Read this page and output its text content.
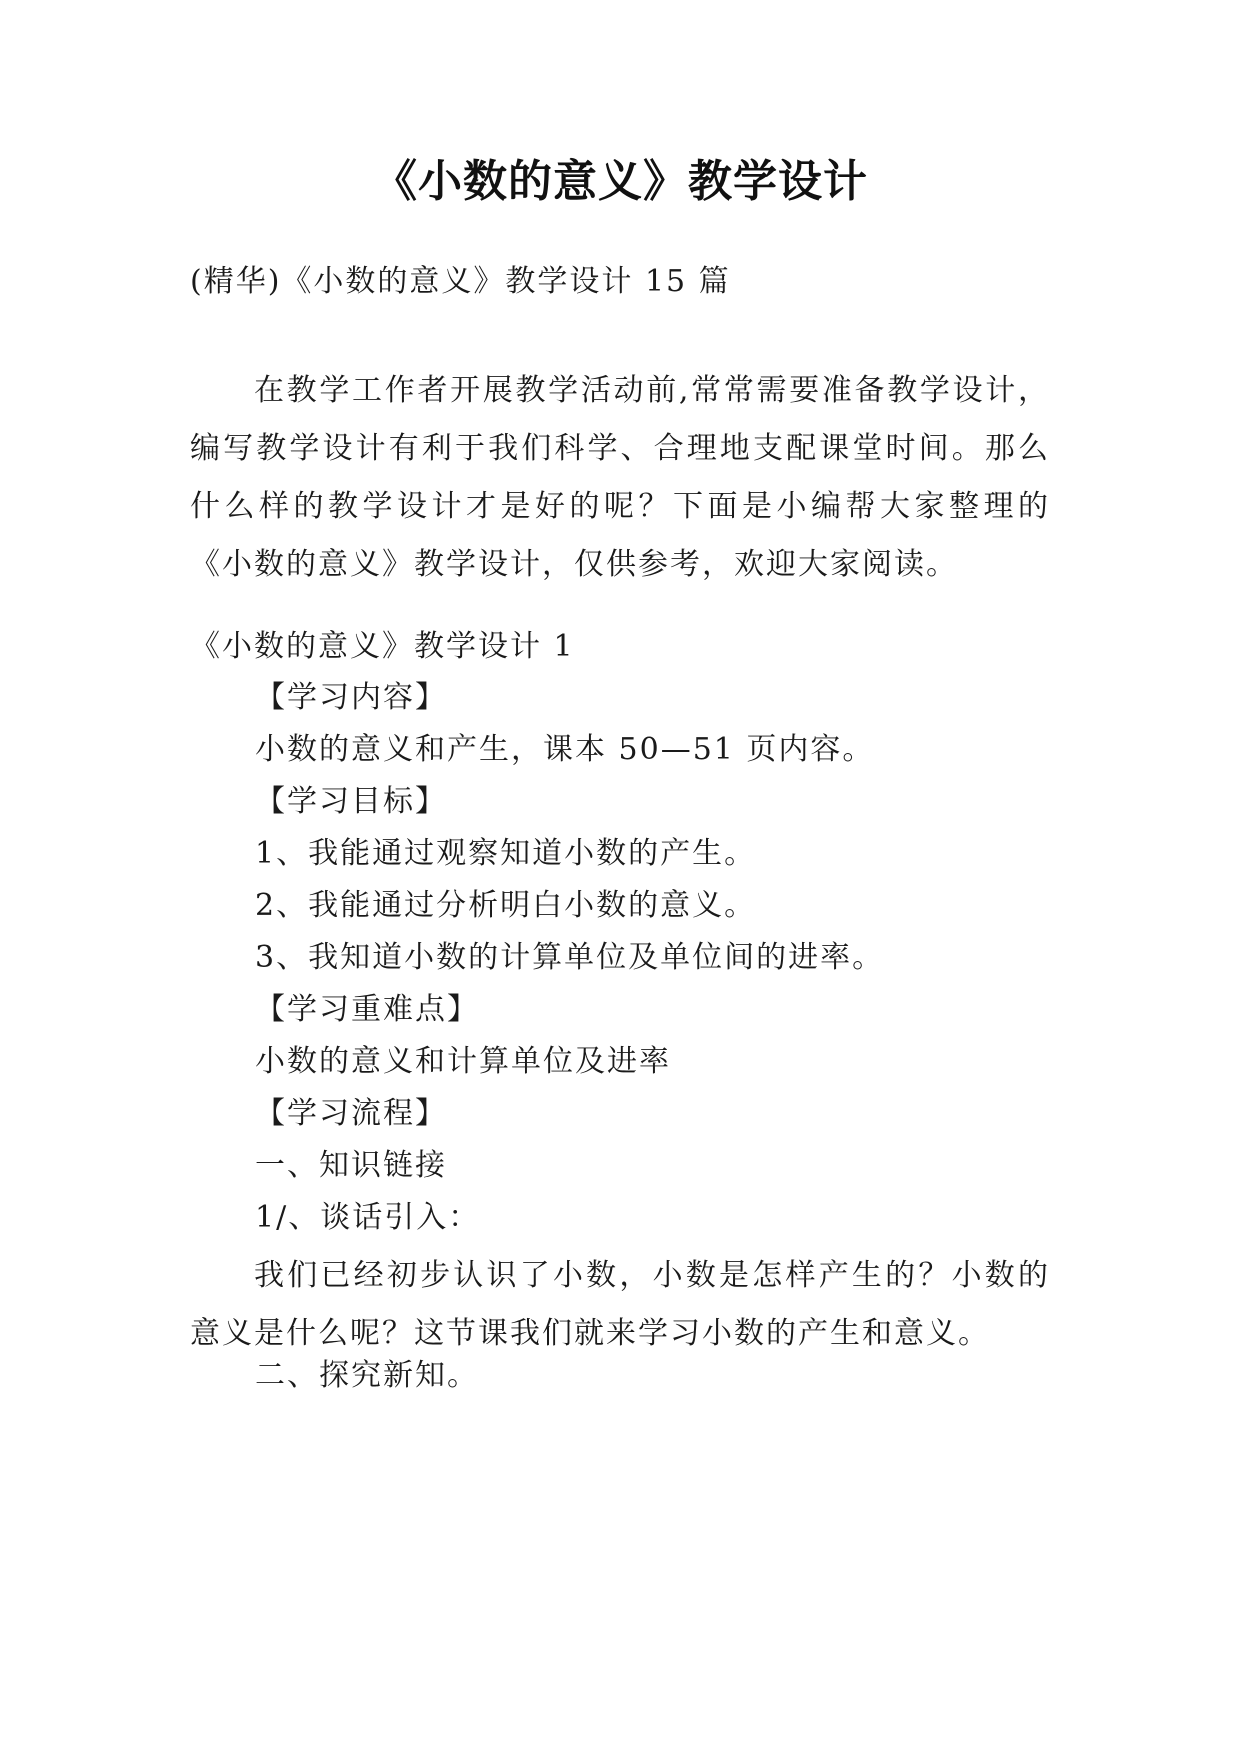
《小数的意义》教学设计
(精华)《小数的意义》教学设计 15 篇

在教学工作者开展教学活动前,常常需要准备教学设计，编写教学设计有利于我们科学、合理地支配课堂时间。那么什么样的教学设计才是好的呢？下面是小编帮大家整理的《小数的意义》教学设计，仅供参考，欢迎大家阅读。

《小数的意义》教学设计 1
【学习内容】
小数的意义和产生，课本 50—51 页内容。
【学习目标】
1、我能通过观察知道小数的产生。
2、我能通过分析明白小数的意义。
3、我知道小数的计算单位及单位间的进率。
【学习重难点】
小数的意义和计算单位及进率
【学习流程】
一、知识链接
1/、谈话引入：

我们已经初步认识了小数，小数是怎样产生的？小数的意义是什么呢？这节课我们就来学习小数的产生和意义。

二、探究新知。
